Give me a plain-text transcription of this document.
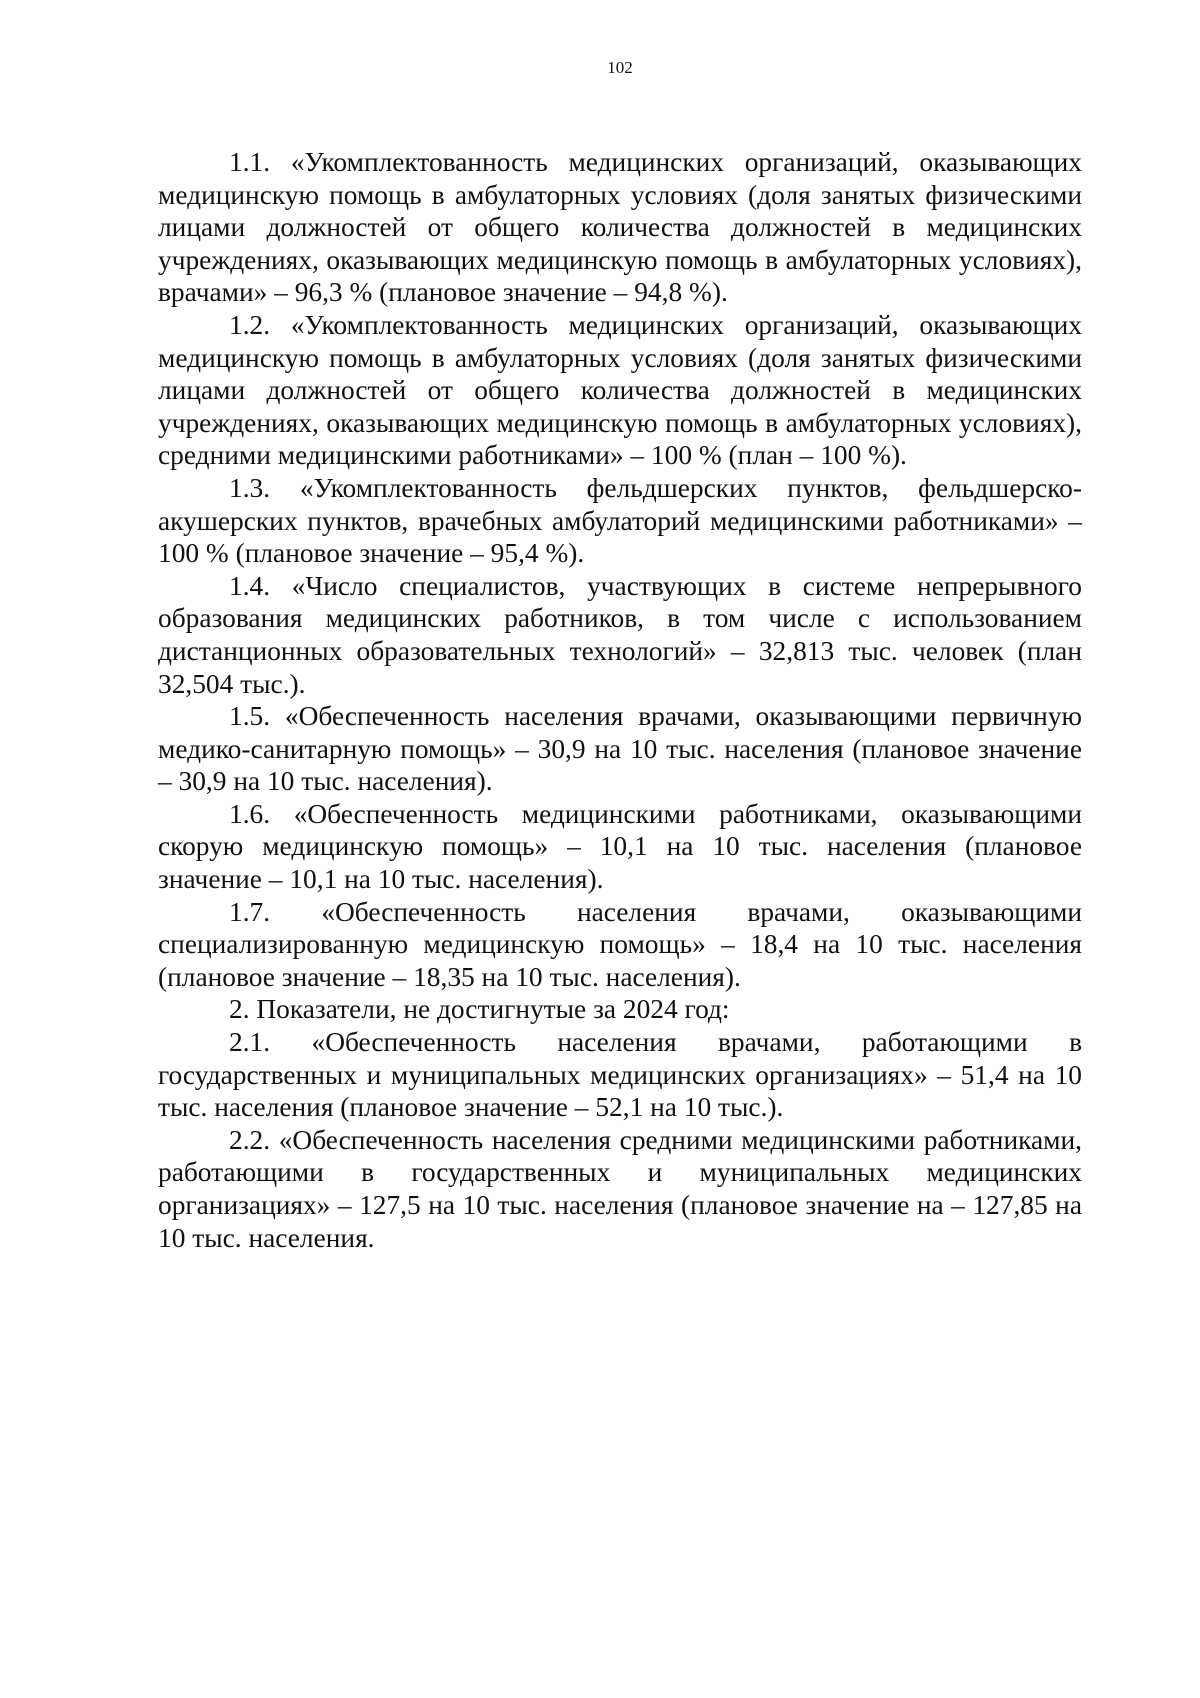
102

1.1. «Укомплектованность медицинских организаций, оказывающих медицинскую помощь в амбулаторных условиях (доля занятых физическими лицами должностей от общего количества должностей в медицинских учреждениях, оказывающих медицинскую помощь в амбулаторных условиях), врачами» – 96,3 % (плановое значение – 94,8 %).

1.2. «Укомплектованность медицинских организаций, оказывающих медицинскую помощь в амбулаторных условиях (доля занятых физическими лицами должностей от общего количества должностей в медицинских учреждениях, оказывающих медицинскую помощь в амбулаторных условиях), средними медицинскими работниками» – 100 % (план – 100 %).

1.3. «Укомплектованность фельдшерских пунктов, фельдшерско-акушерских пунктов, врачебных амбулаторий медицинскими работниками» – 100 % (плановое значение – 95,4 %).

1.4. «Число специалистов, участвующих в системе непрерывного образования медицинских работников, в том числе с использованием дистанционных образовательных технологий» – 32,813 тыс. человек (план 32,504 тыс.).

1.5. «Обеспеченность населения врачами, оказывающими первичную медико-санитарную помощь» – 30,9 на 10 тыс. населения (плановое значение – 30,9 на 10 тыс. населения).

1.6. «Обеспеченность медицинскими работниками, оказывающими скорую медицинскую помощь» – 10,1 на 10 тыс. населения (плановое значение – 10,1 на 10 тыс. населения).

1.7. «Обеспеченность населения врачами, оказывающими специализированную медицинскую помощь» – 18,4 на 10 тыс. населения (плановое значение – 18,35 на 10 тыс. населения).

2. Показатели, не достигнутые за 2024 год:

2.1. «Обеспеченность населения врачами, работающими в государственных и муниципальных медицинских организациях» – 51,4 на 10 тыс. населения (плановое значение – 52,1 на 10 тыс.).

2.2. «Обеспеченность населения средними медицинскими работниками, работающими в государственных и муниципальных медицинских организациях» – 127,5 на 10 тыс. населения (плановое значение на – 127,85 на 10 тыс. населения.
